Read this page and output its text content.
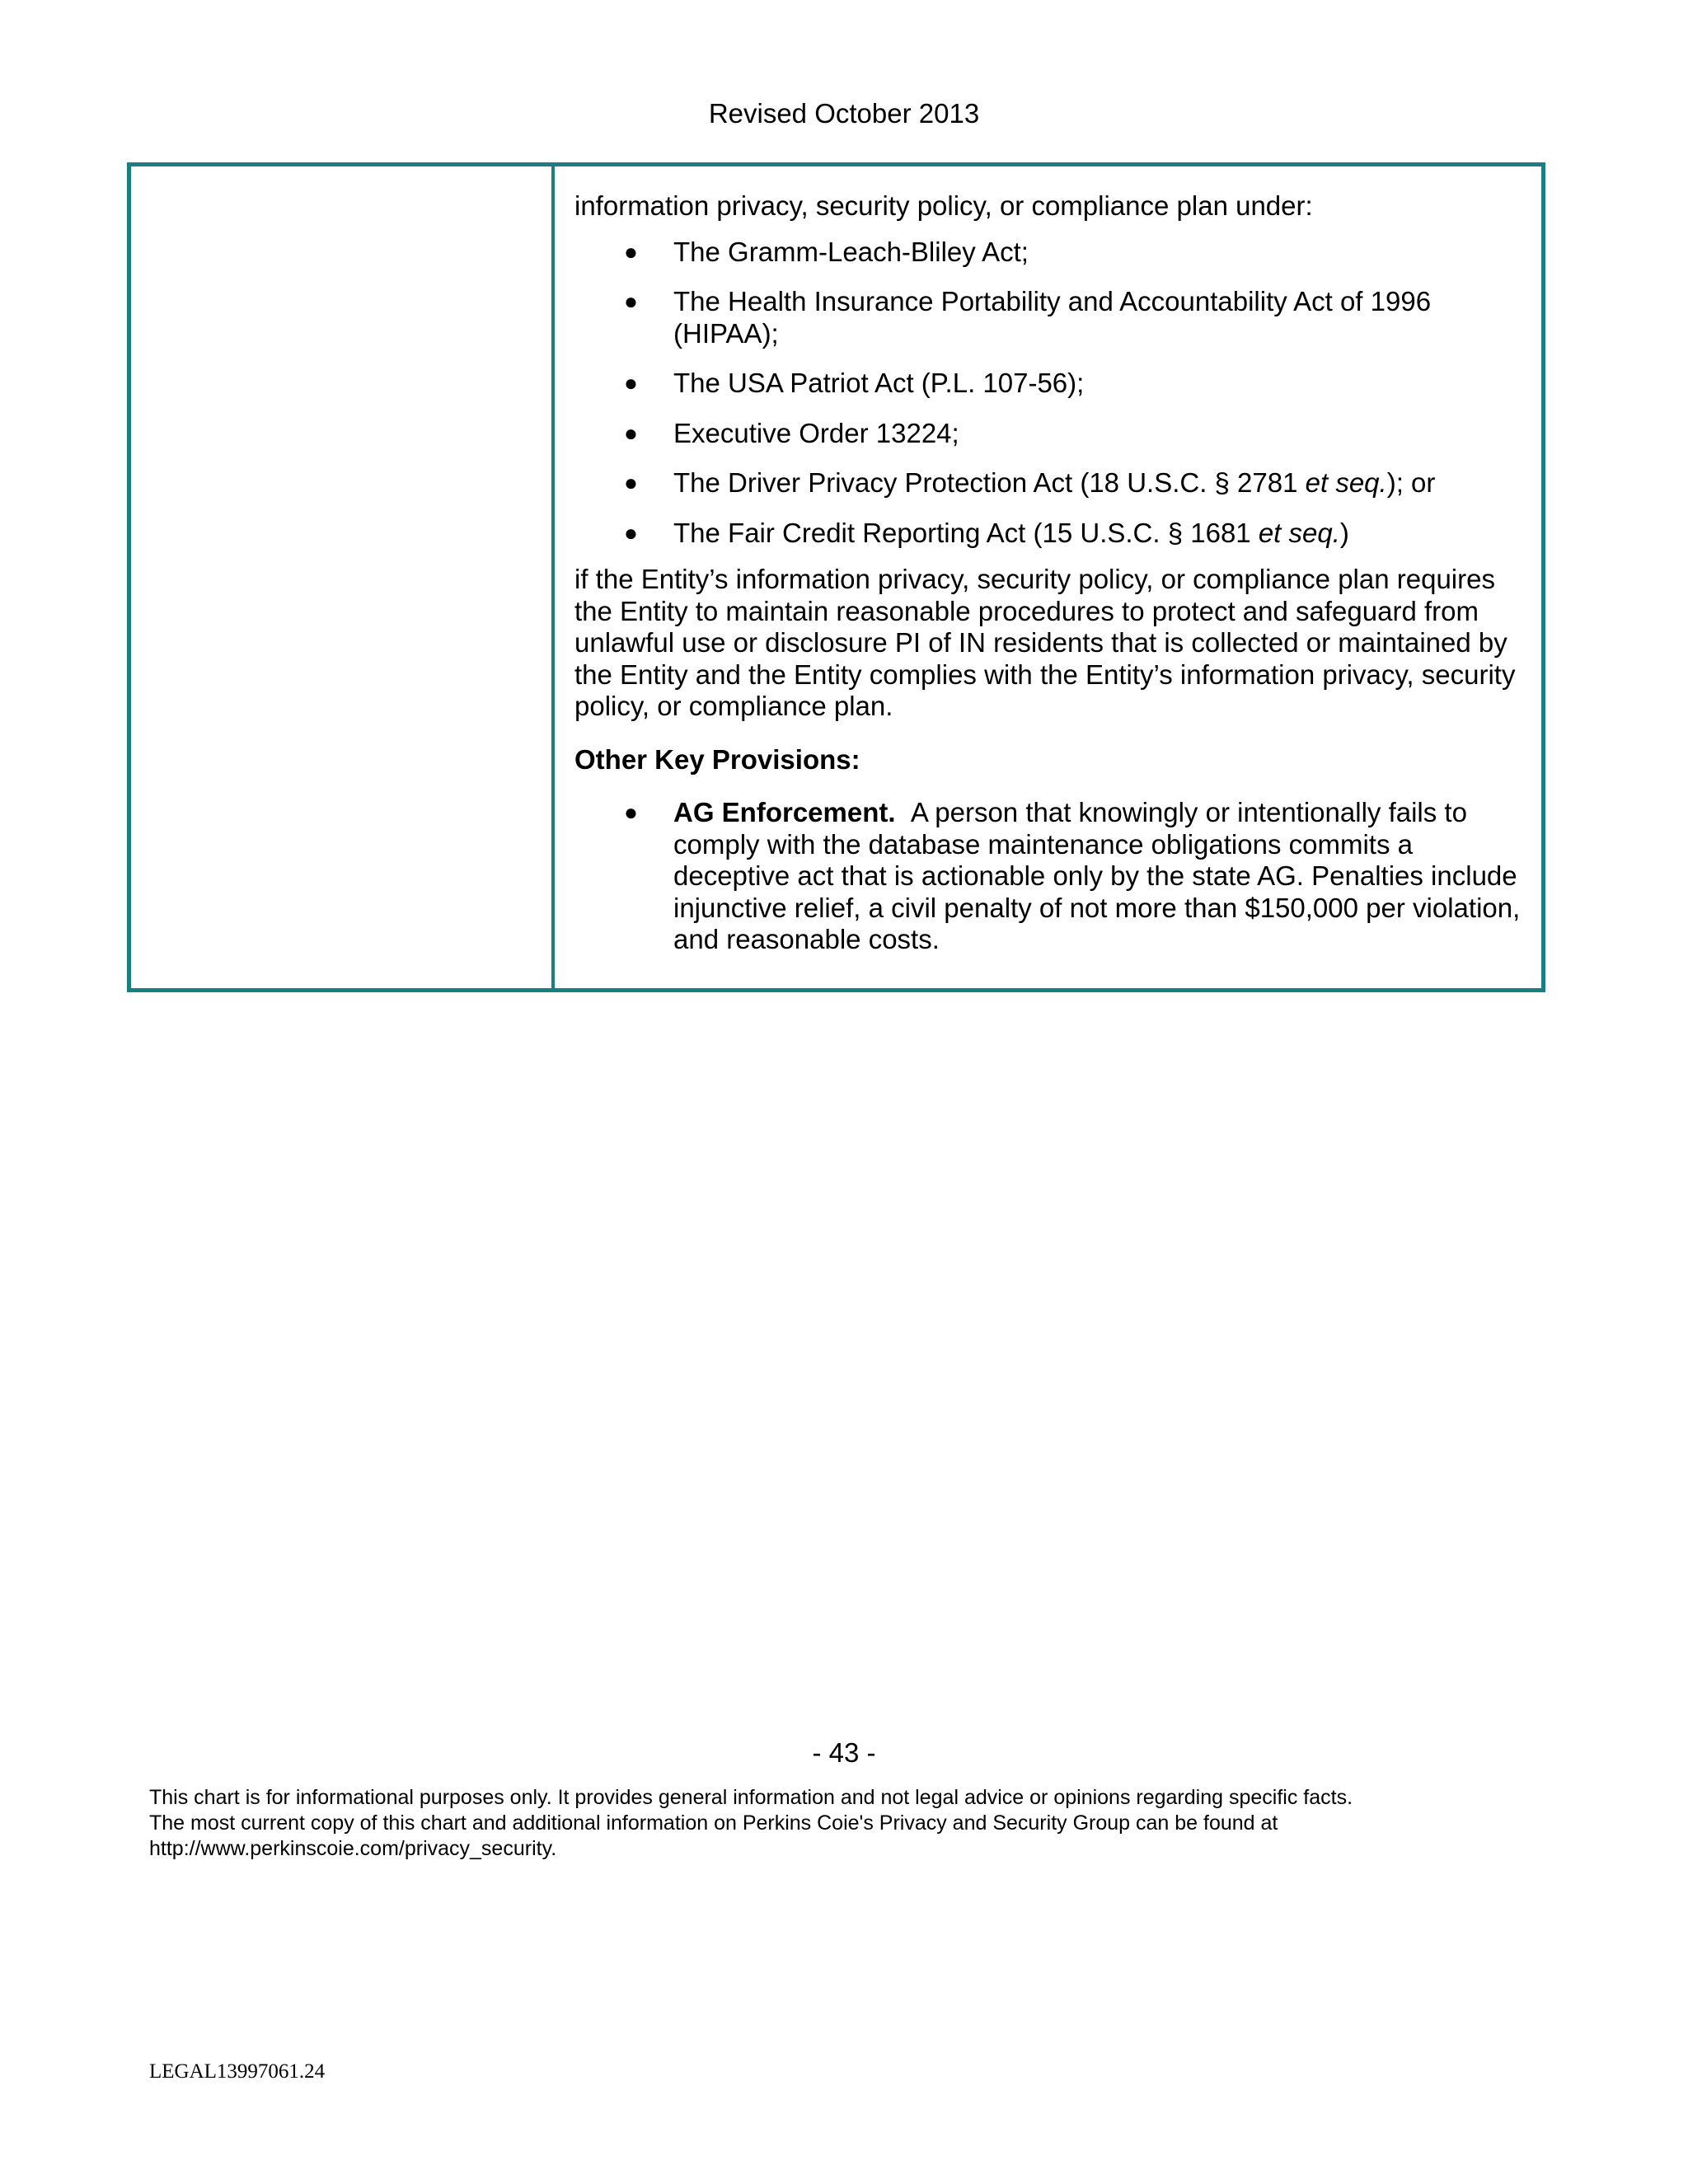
Revised October 2013

information privacy, security policy, or compliance plan under:

● The Gramm-Leach-Bliley Act;
● The Health Insurance Portability and Accountability Act of 1996 (HIPAA);
● The USA Patriot Act (P.L. 107-56);
● Executive Order 13224;
● The Driver Privacy Protection Act (18 U.S.C. § 2781 et seq.); or
● The Fair Credit Reporting Act (15 U.S.C. § 1681 et seq.)

if the Entity’s information privacy, security policy, or compliance plan requires the Entity to maintain reasonable procedures to protect and safeguard from unlawful use or disclosure PI of IN residents that is collected or maintained by the Entity and the Entity complies with the Entity’s information privacy, security policy, or compliance plan.

Other Key Provisions:

● AG Enforcement. A person that knowingly or intentionally fails to comply with the database maintenance obligations commits a deceptive act that is actionable only by the state AG. Penalties include injunctive relief, a civil penalty of not more than $150,000 per violation, and reasonable costs.
- 43 -
This chart is for informational purposes only. It provides general information and not legal advice or opinions regarding specific facts.
The most current copy of this chart and additional information on Perkins Coie's Privacy and Security Group can be found at
http://www.perkinscoie.com/privacy_security.
LEGAL13997061.24
